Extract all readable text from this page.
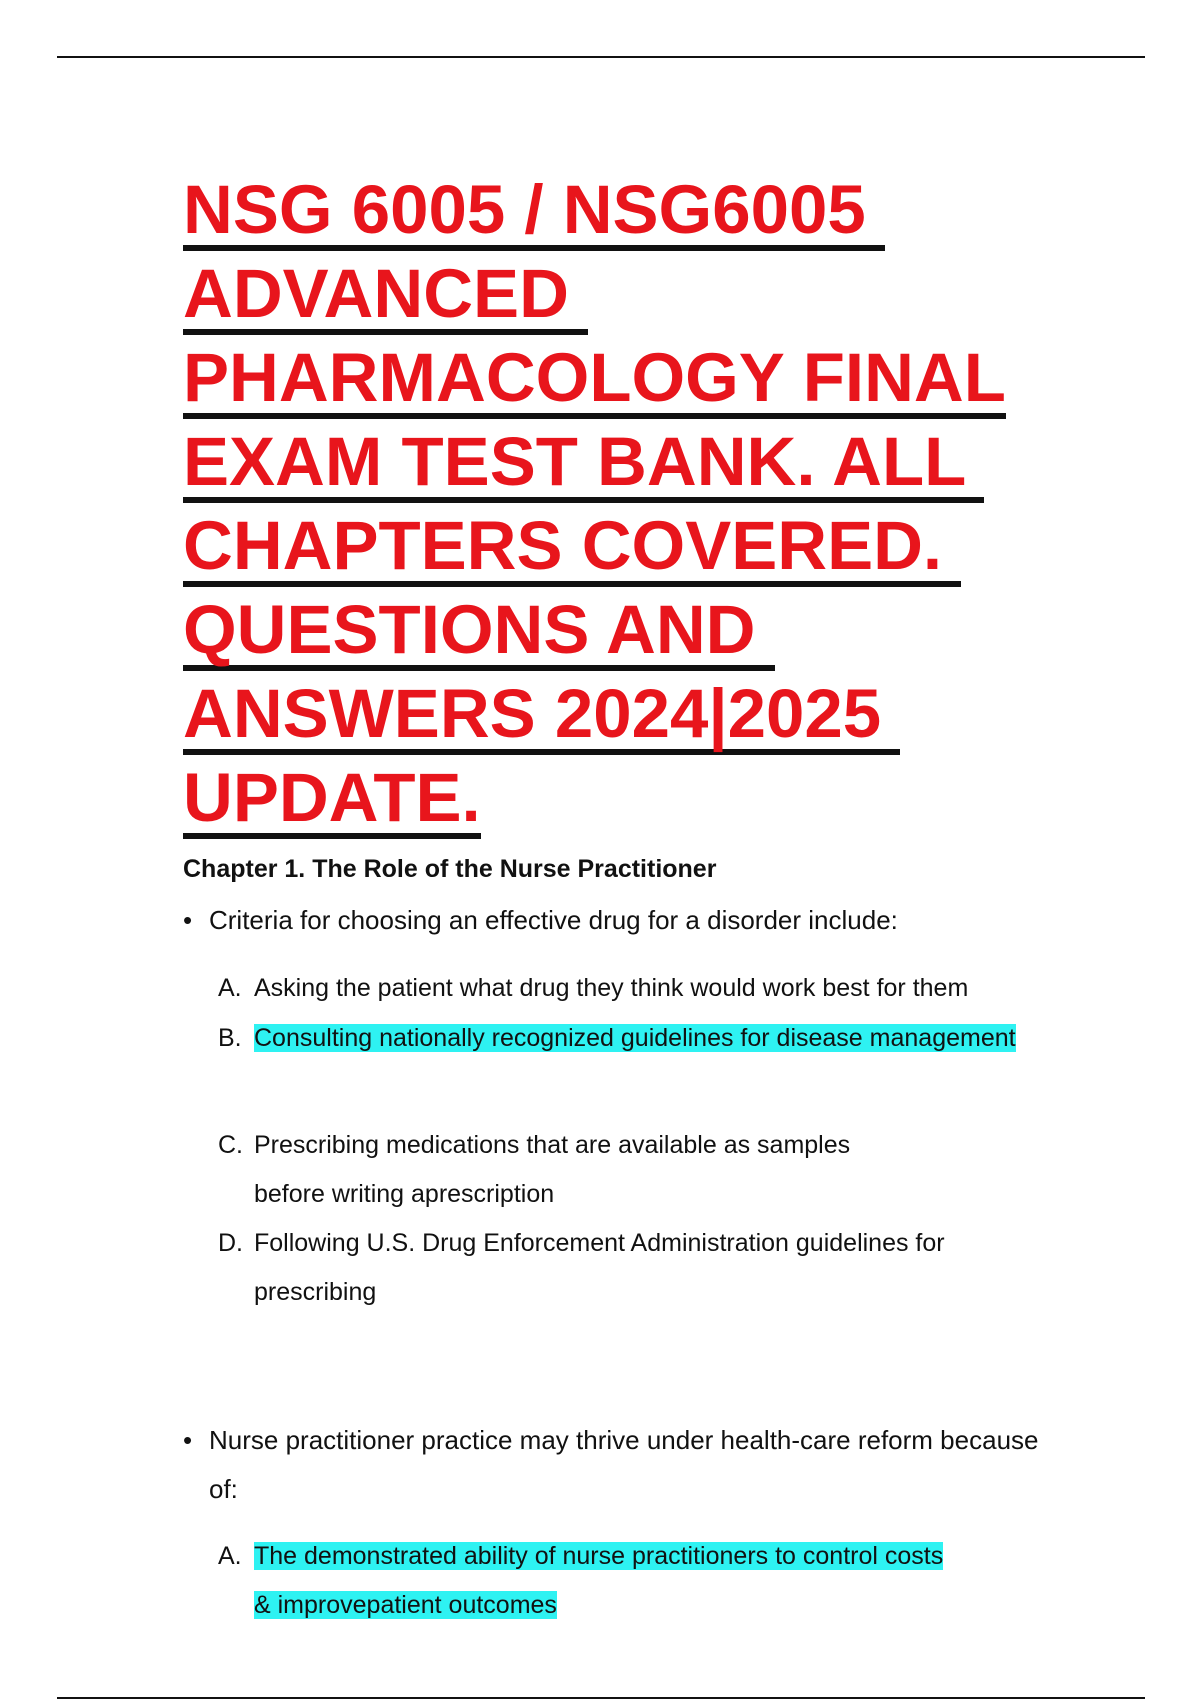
NSG 6005 / NSG6005
ADVANCED
PHARMACOLOGY FINAL
EXAM TEST BANK. ALL
CHAPTERS COVERED.
QUESTIONS AND
ANSWERS 2024|2025
UPDATE.
Chapter 1. The Role of the Nurse Practitioner
• Criteria for choosing an effective drug for a disorder include:
A. Asking the patient what drug they think would work best for them
B. Consulting nationally recognized guidelines for disease management
C. Prescribing medications that are available as samples
before writing aprescription
D. Following U.S. Drug Enforcement Administration guidelines for
prescribing
• Nurse practitioner practice may thrive under health-care reform because
of:
A. The demonstrated ability of nurse practitioners to control costs
& improvepatient outcomes
